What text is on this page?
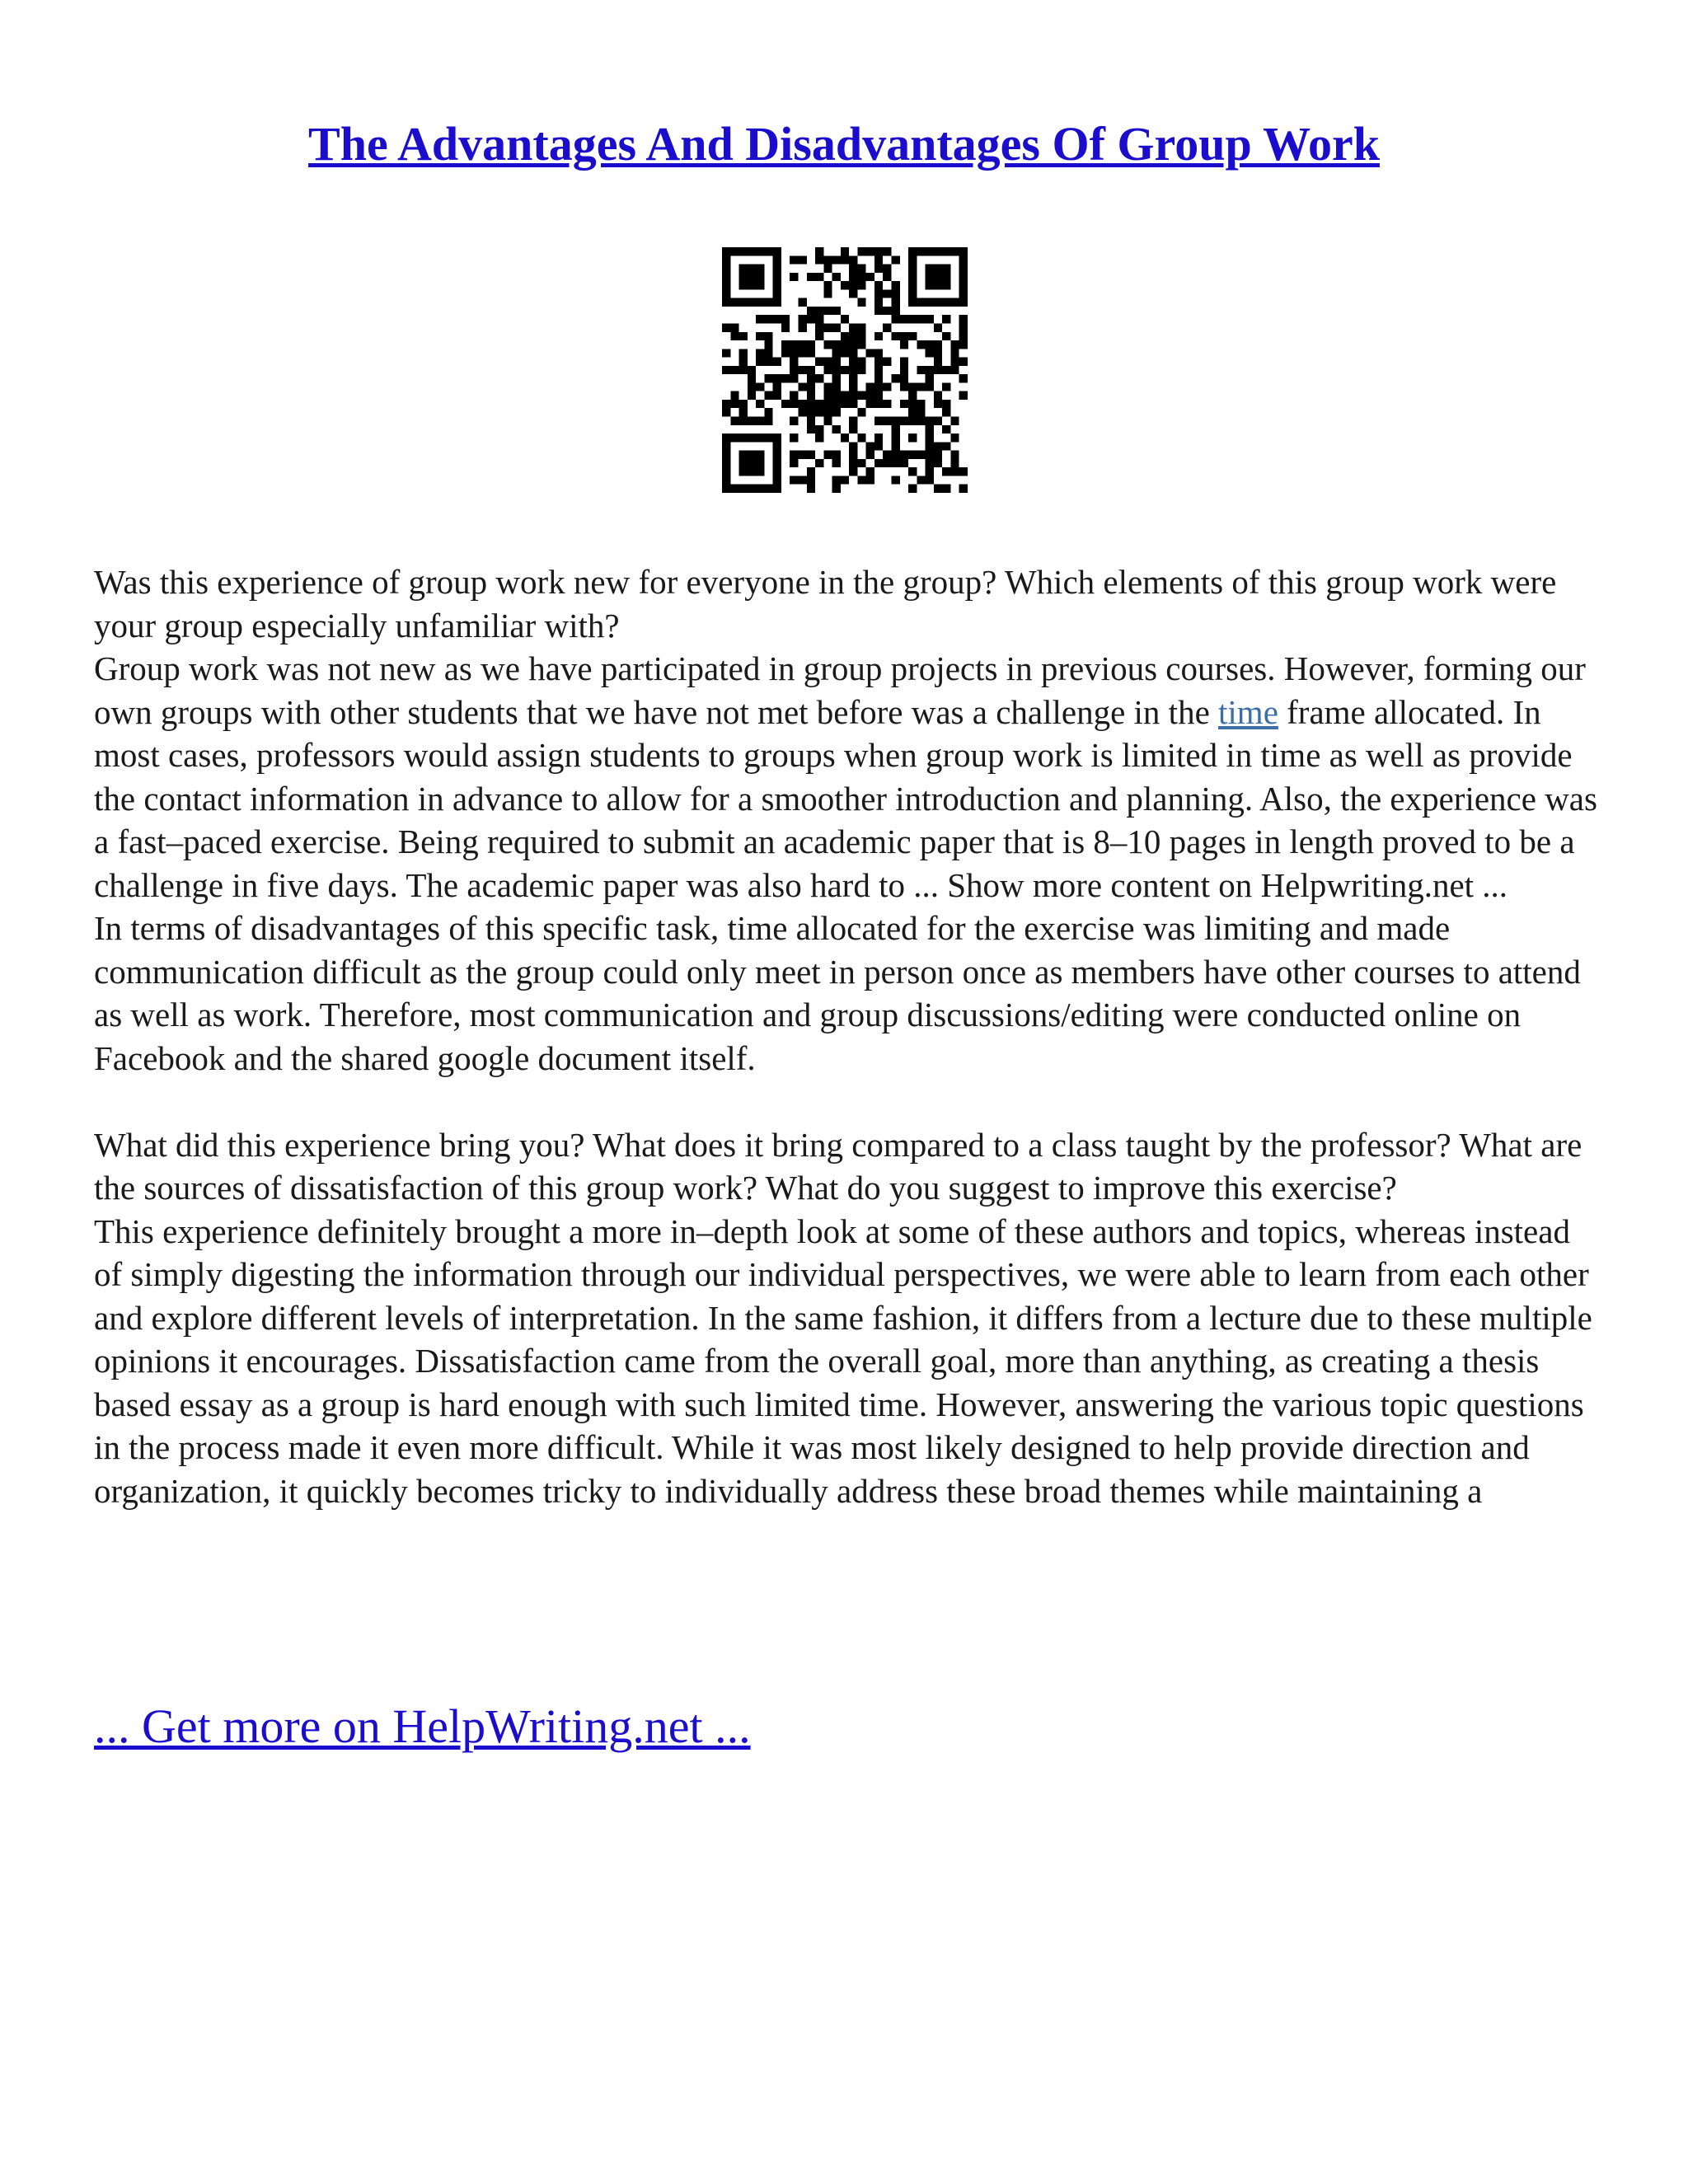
The Advantages And Disadvantages Of Group Work

Was this experience of group work new for everyone in the group? Which elements of this group work were your group especially unfamiliar with?

Group work was not new as we have participated in group projects in previous courses. However, forming our own groups with other students that we have not met before was a challenge in the time frame allocated. In most cases, professors would assign students to groups when group work is limited in time as well as provide the contact information in advance to allow for a smoother introduction and planning. Also, the experience was a fast–paced exercise. Being required to submit an academic paper that is 8–10 pages in length proved to be a challenge in five days. The academic paper was also hard to ... Show more content on Helpwriting.net ...

In terms of disadvantages of this specific task, time allocated for the exercise was limiting and made communication difficult as the group could only meet in person once as members have other courses to attend as well as work. Therefore, most communication and group discussions/editing were conducted online on Facebook and the shared google document itself.

What did this experience bring you? What does it bring compared to a class taught by the professor? What are the sources of dissatisfaction of this group work? What do you suggest to improve this exercise?

This experience definitely brought a more in–depth look at some of these authors and topics, whereas instead of simply digesting the information through our individual perspectives, we were able to learn from each other and explore different levels of interpretation. In the same fashion, it differs from a lecture due to these multiple opinions it encourages. Dissatisfaction came from the overall goal, more than anything, as creating a thesis based essay as a group is hard enough with such limited time. However, answering the various topic questions in the process made it even more difficult. While it was most likely designed to help provide direction and organization, it quickly becomes tricky to individually address these broad themes while maintaining a

... Get more on HelpWriting.net ...
